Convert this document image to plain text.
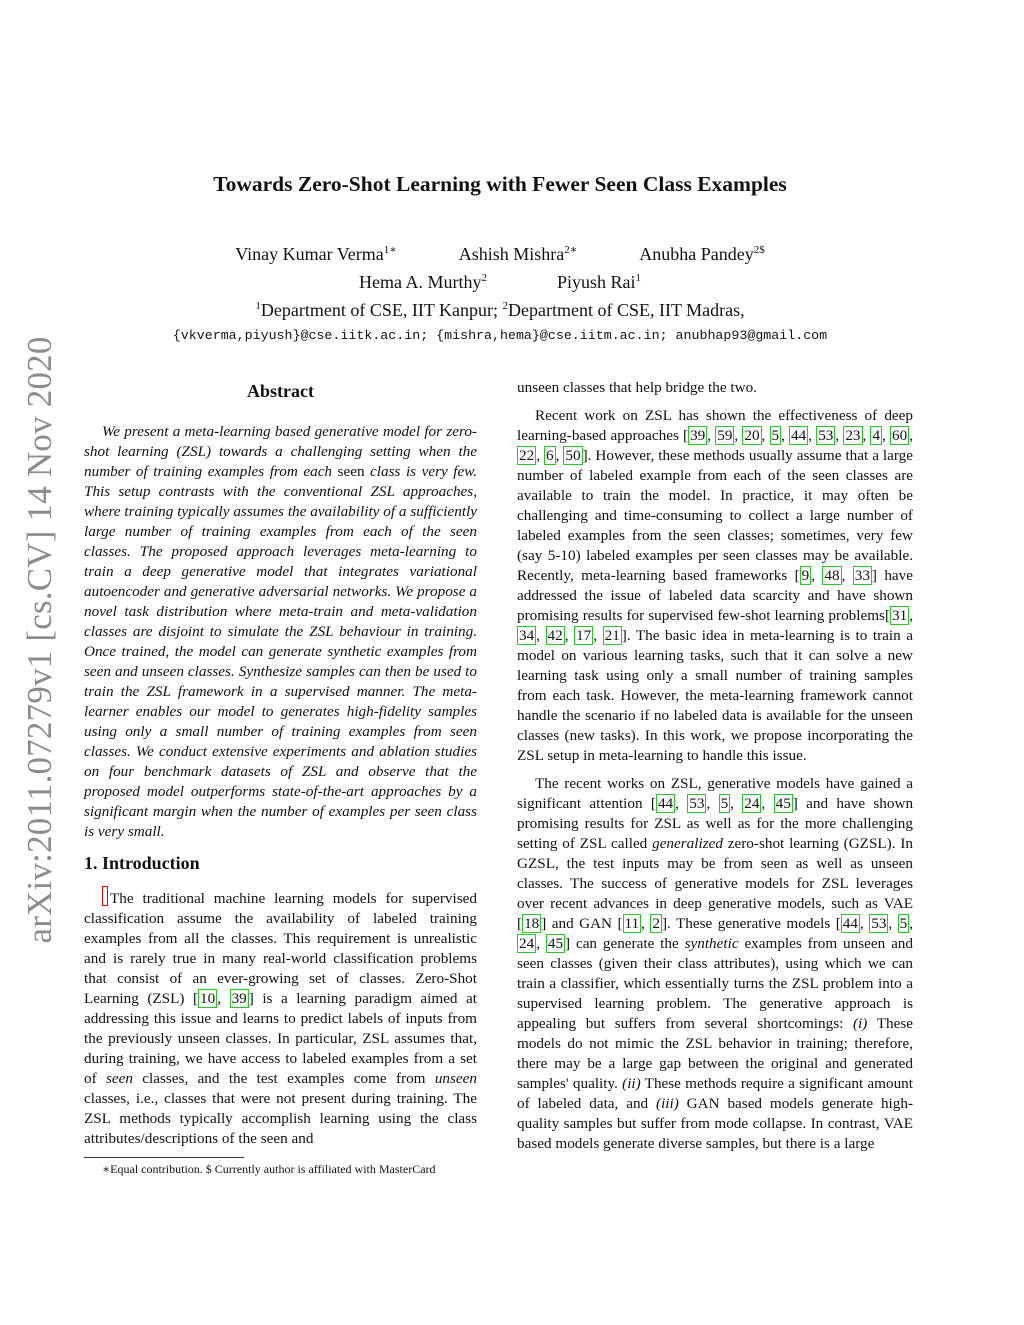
arXiv:2011.07279v1 [cs.CV] 14 Nov 2020
Towards Zero-Shot Learning with Fewer Seen Class Examples
Vinay Kumar Verma$^{1∗}$	Ashish Mishra$^{2∗}$	Anubha Pandey$^{2\$}$
Hema A. Murthy$^2$	Piyush Rai$^1$
$^1$Department of CSE, IIT Kanpur; $^2$Department of CSE, IIT Madras,
{vkverma,piyush}@cse.iitk.ac.in; {mishra,hema}@cse.iitm.ac.in; anubhap93@gmail.com
Abstract

We present a meta-learning based generative model for zero-shot learning (ZSL) towards a challenging setting when the number of training examples from each seen class is very few. This setup contrasts with the conventional ZSL approaches, where training typically assumes the availability of a sufficiently large number of training examples from each of the seen classes. The proposed approach leverages meta-learning to train a deep generative model that integrates variational autoencoder and generative adversarial networks. We propose a novel task distribution where meta-train and meta-validation classes are disjoint to simulate the ZSL behaviour in training. Once trained, the model can generate synthetic examples from seen and unseen classes. Synthesize samples can then be used to train the ZSL framework in a supervised manner. The meta-learner enables our model to generates high-fidelity samples using only a small number of training examples from seen classes. We conduct extensive experiments and ablation studies on four benchmark datasets of ZSL and observe that the proposed model outperforms state-of-the-art approaches by a significant margin when the number of examples per seen class is very small.

1. Introduction

The traditional machine learning models for supervised classification assume the availability of labeled training examples from all the classes. This requirement is unrealistic and is rarely true in many real-world classification problems that consist of an ever-growing set of classes. Zero-Shot Learning (ZSL) [ 10 , 39 ] is a learning paradigm aimed at addressing this issue and learns to predict labels of inputs from the previously unseen classes. In particular, ZSL assumes that, during training, we have access to labeled examples from a set of seen classes, and the test examples come from unseen classes, i.e., classes that were not present during training. The ZSL methods typically accomplish learning using the class attributes/descriptions of the seen and

∗Equal contribution. $ Currently author is affiliated with MasterCard

unseen classes that help bridge the two.

Recent work on ZSL has shown the effectiveness of deep learning-based approaches [ 39 , 59 , 20 , 5 , 44 , 53 , 23 , 4 , 60 , 22 , 6 , 50 ]. However, these methods usually assume that a large number of labeled example from each of the seen classes are available to train the model. In practice, it may often be challenging and time-consuming to collect a large number of labeled examples from the seen classes; sometimes, very few (say 5-10) labeled examples per seen classes may be available. Recently, meta-learning based frameworks [ 9 , 48 , 33 ] have addressed the issue of labeled data scarcity and have shown promising results for supervised few-shot learning problems[ 31 , 34 , 42 , 17 , 21 ]. The basic idea in meta-learning is to train a model on various learning tasks, such that it can solve a new learning task using only a small number of training samples from each task. However, the meta-learning framework cannot handle the scenario if no labeled data is available for the unseen classes (new tasks). In this work, we propose incorporating the ZSL setup in meta-learning to handle this issue.

The recent works on ZSL, generative models have gained a significant attention [ 44 , 53 , 5 , 24 , 45 ] and have shown promising results for ZSL as well as for the more challenging setting of ZSL called generalized zero-shot learning (GZSL). In GZSL, the test inputs may be from seen as well as unseen classes. The success of generative models for ZSL leverages over recent advances in deep generative models, such as VAE [ 18 ] and GAN [ 11 , 2 ]. These generative models [ 44 , 53 , 5 , 24 , 45 ] can generate the synthetic examples from unseen and seen classes (given their class attributes), using which we can train a classifier, which essentially turns the ZSL problem into a supervised learning problem. The generative approach is appealing but suffers from several shortcomings: (i) These models do not mimic the ZSL behavior in training; therefore, there may be a large gap between the original and generated samples' quality. (ii) These methods require a significant amount of labeled data, and (iii) GAN based models generate high-quality samples but suffer from mode collapse. In contrast, VAE based models generate diverse samples, but there is a large
